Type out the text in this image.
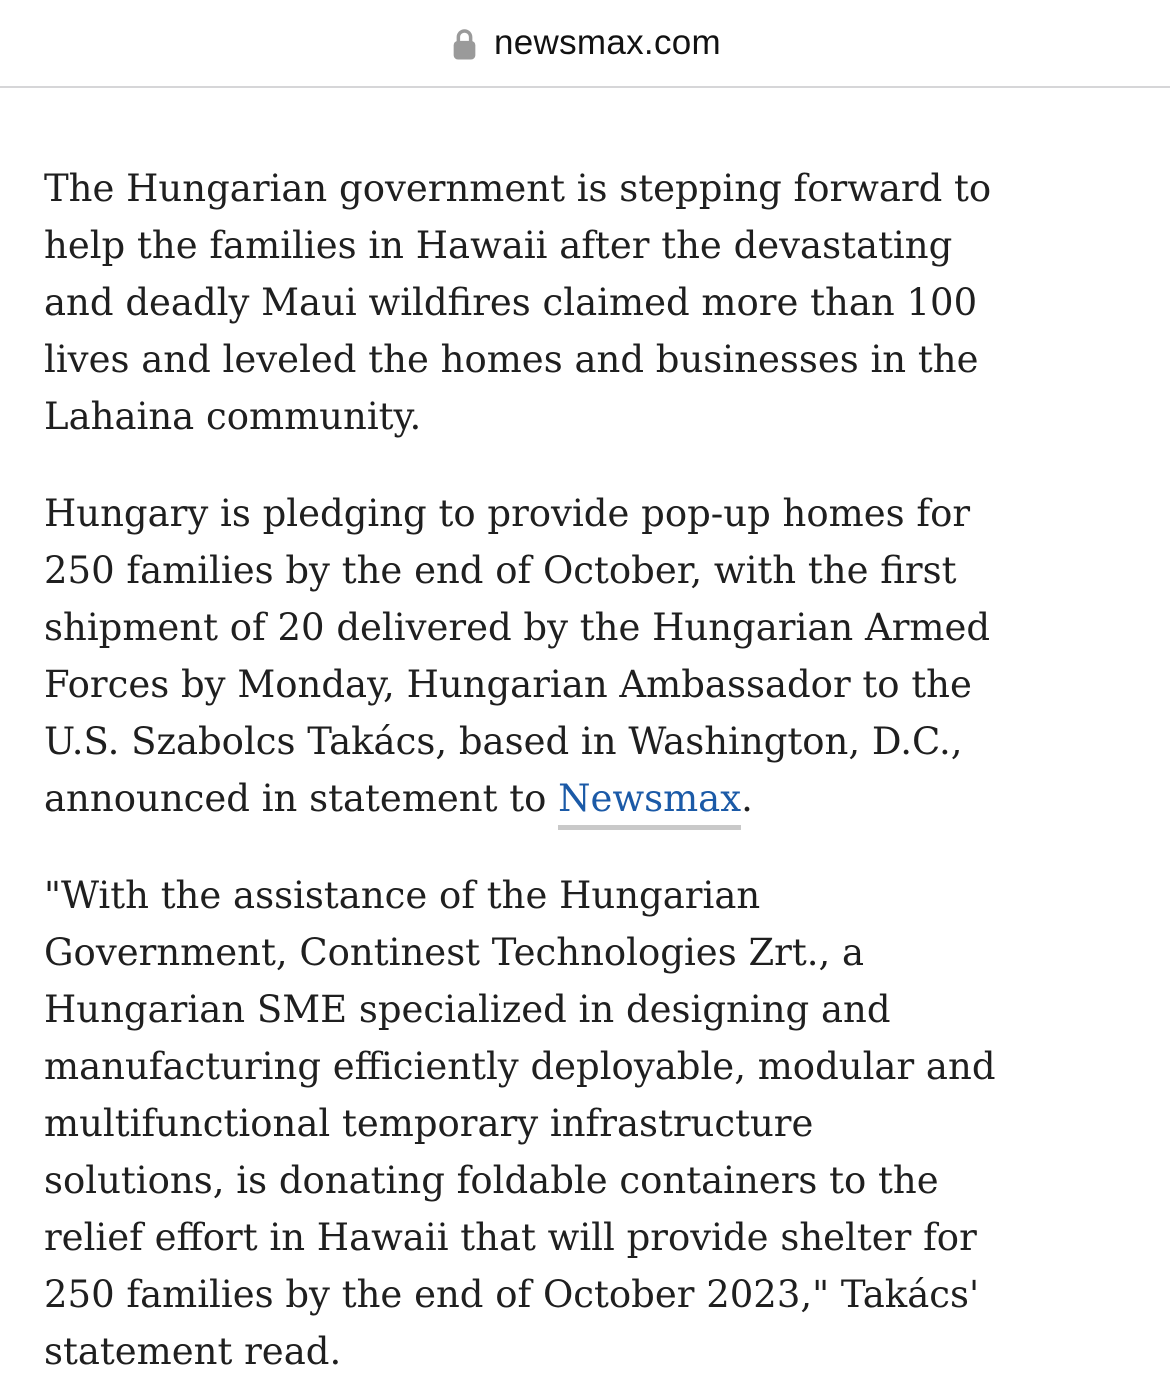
newsmax.com

The Hungarian government is stepping forward to
help the families in Hawaii after the devastating
and deadly Maui wildfires claimed more than 100
lives and leveled the homes and businesses in the
Lahaina community.

Hungary is pledging to provide pop-up homes for
250 families by the end of October, with the first
shipment of 20 delivered by the Hungarian Armed
Forces by Monday, Hungarian Ambassador to the
U.S. Szabolcs Takács, based in Washington, D.C.,
announced in statement to Newsmax.

"With the assistance of the Hungarian
Government, Continest Technologies Zrt., a
Hungarian SME specialized in designing and
manufacturing efficiently deployable, modular and
multifunctional temporary infrastructure
solutions, is donating foldable containers to the
relief effort in Hawaii that will provide shelter for
250 families by the end of October 2023," Takács'
statement read.
